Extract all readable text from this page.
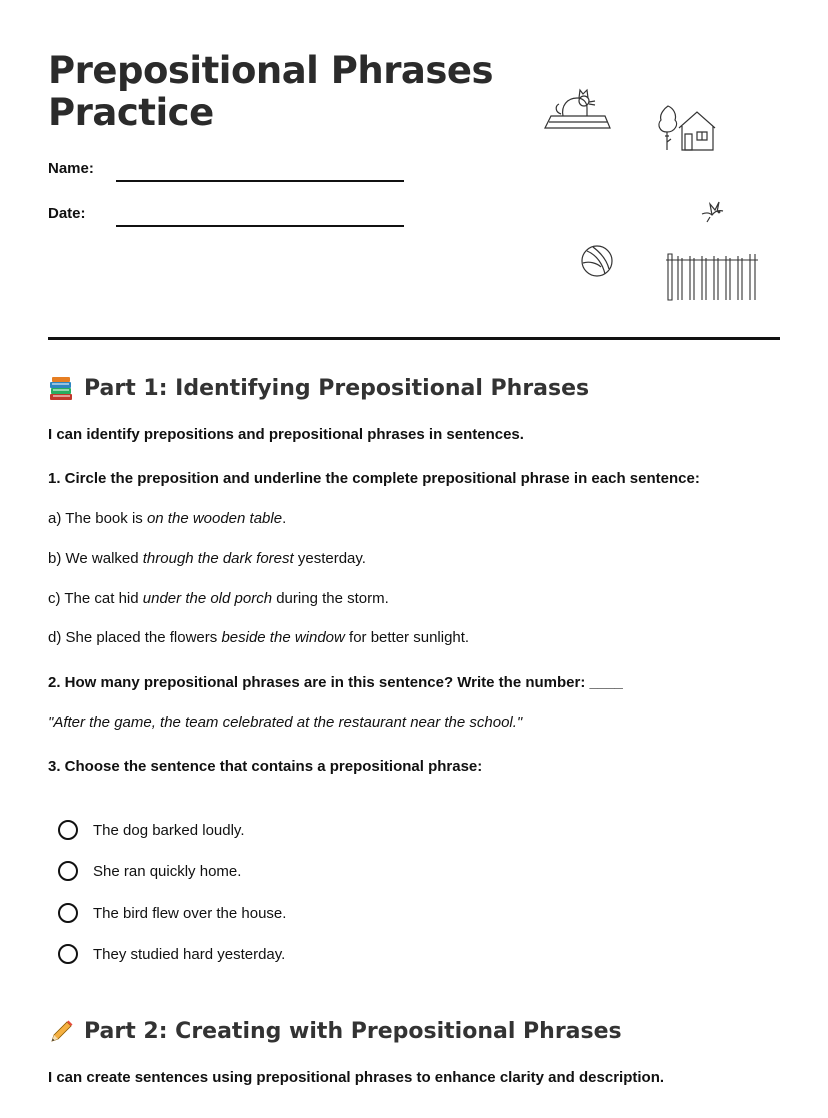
Prepositional Phrases
Practice
Name:
Date:
Part 1: Identifying Prepositional Phrases
I can identify prepositions and prepositional phrases in sentences.
1. Circle the preposition and underline the complete prepositional phrase in each sentence:
a) The book is on the wooden table.
b) We walked through the dark forest yesterday.
c) The cat hid under the old porch during the storm.
d) She placed the flowers beside the window for better sunlight.
2. How many prepositional phrases are in this sentence? Write the number: ____
"After the game, the team celebrated at the restaurant near the school."
3. Choose the sentence that contains a prepositional phrase:
The dog barked loudly.
She ran quickly home.
The bird flew over the house.
They studied hard yesterday.
Part 2: Creating with Prepositional Phrases
I can create sentences using prepositional phrases to enhance clarity and description.
